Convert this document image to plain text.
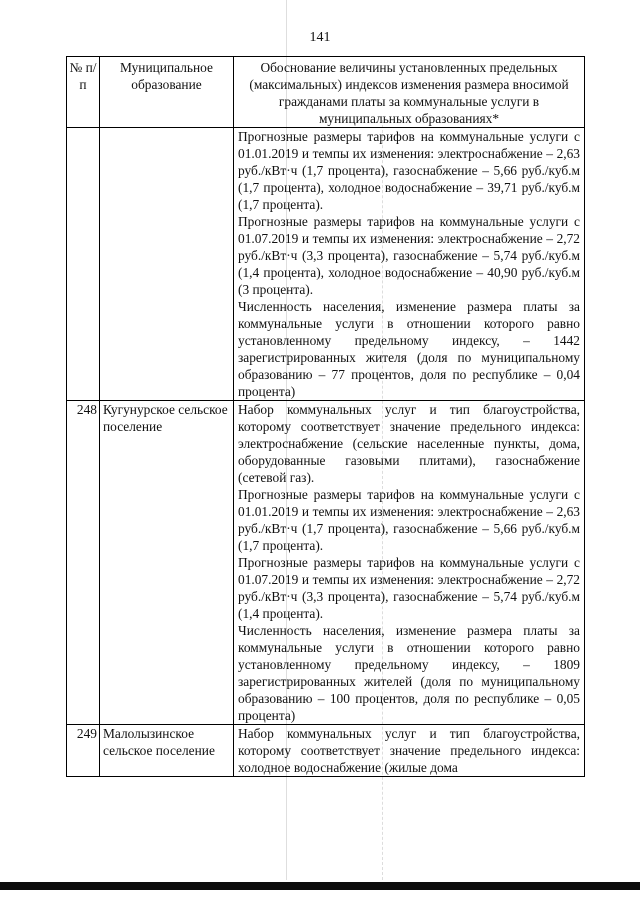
141
№ п/п	Муниципальное образование	Обоснование величины установленных предельных (максимальных) индексов изменения размера вносимой гражданами платы за коммунальные услуги в муниципальных образованиях*

		Прогнозные размеры тарифов на коммунальные услуги с 01.01.2019 и темпы их изменения: электроснабжение – 2,63 руб./кВт·ч (1,7 процента), газоснабжение – 5,66 руб./куб.м (1,7 процента), холодное водоснабжение – 39,71 руб./куб.м (1,7 процента).

Прогнозные размеры тарифов на коммунальные услуги с 01.07.2019 и темпы их изменения: электроснабжение – 2,72 руб./кВт·ч (3,3 процента), газоснабжение – 5,74 руб./куб.м (1,4 процента), холодное водоснабжение – 40,90 руб./куб.м (3 процента).

Численность населения, изменение размера платы за коммунальные услуги в отношении которого равно установленному предельному индексу, – 1442 зарегистрированных жителя (доля по муниципальному образованию – 77 процентов, доля по республике – 0,04 процента)

248	Кугунурское сельское поселение	Набор коммунальных услуг и тип благоустройства, которому соответствует значение предельного индекса: электроснабжение (сельские населенные пункты, дома, оборудованные газовыми плитами), газоснабжение (сетевой газ).

Прогнозные размеры тарифов на коммунальные услуги с 01.01.2019 и темпы их изменения: электроснабжение – 2,63 руб./кВт·ч (1,7 процента), газоснабжение – 5,66 руб./куб.м (1,7 процента).

Прогнозные размеры тарифов на коммунальные услуги с 01.07.2019 и темпы их изменения: электроснабжение – 2,72 руб./кВт·ч (3,3 процента), газоснабжение – 5,74 руб./куб.м (1,4 процента).

Численность населения, изменение размера платы за коммунальные услуги в отношении которого равно установленному предельному индексу, – 1809 зарегистрированных жителей (доля по муниципальному образованию – 100 процентов, доля по республике – 0,05 процента)

249	Малолызинское сельское поселение	Набор коммунальных услуг и тип благоустройства, которому соответствует значение предельного индекса: холодное водоснабжение (жилые дома
